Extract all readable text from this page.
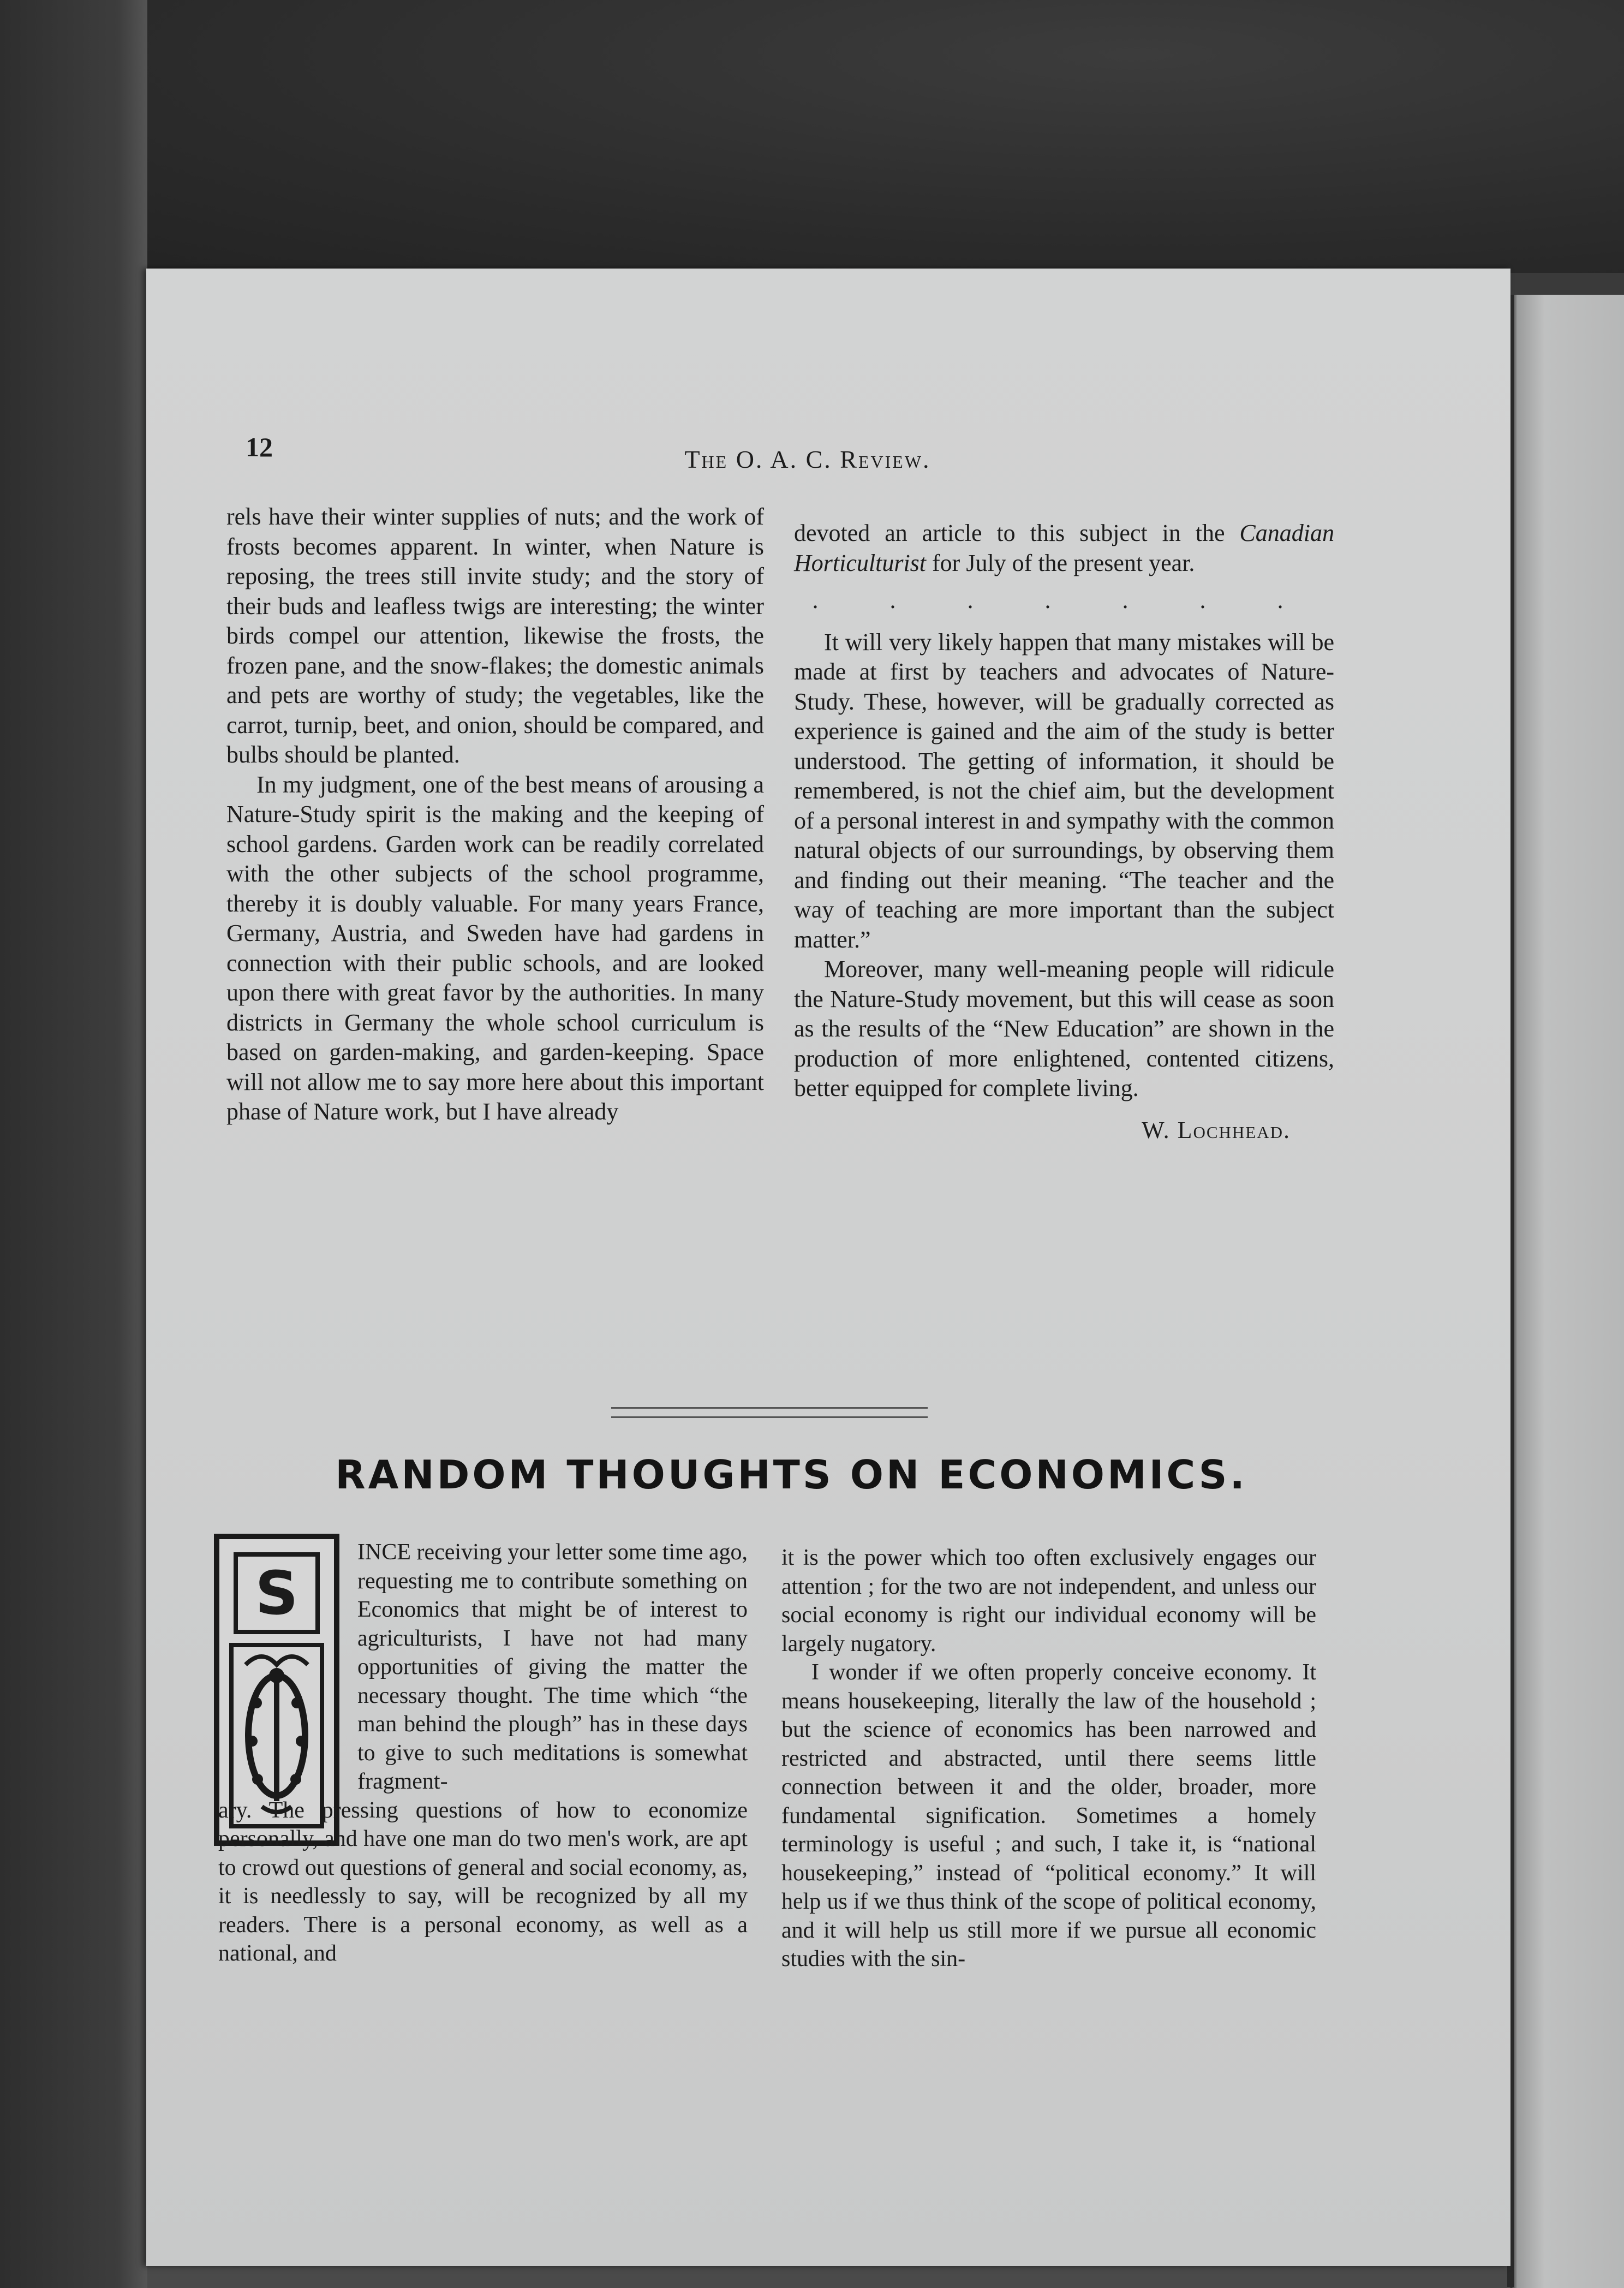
12	The O. A. C. Review.

rels have their winter supplies of nuts; and the work of frosts becomes apparent. In winter, when Nature is reposing, the trees still invite study; and the story of their buds and leafless twigs are interesting; the winter birds compel our attention, likewise the frosts, the frozen pane, and the snow-flakes; the domestic animals and pets are worthy of study; the vegetables, like the carrot, turnip, beet, and onion, should be compared, and bulbs should be planted.

In my judgment, one of the best means of arousing a Nature-Study spirit is the making and the keeping of school gardens. Garden work can be readily correlated with the other subjects of the school programme, thereby it is doubly valuable. For many years France, Germany, Austria, and Sweden have had gardens in connection with their public schools, and are looked upon there with great favor by the authorities. In many districts in Germany the whole school curriculum is based on garden-making, and garden-keeping. Space will not allow me to say more here about this important phase of Nature work, but I have already

devoted an article to this subject in the Canadian Horticulturist for July of the present year.

. . . . . . .

It will very likely happen that many mistakes will be made at first by teachers and advocates of Nature-Study. These, however, will be gradually corrected as experience is gained and the aim of the study is better understood. The getting of information, it should be remembered, is not the chief aim, but the development of a personal interest in and sympathy with the common natural objects of our surroundings, by observing them and finding out their meaning. “The teacher and the way of teaching are more important than the subject matter.”

Moreover, many well-meaning people will ridicule the Nature-Study movement, but this will cease as soon as the results of the “New Education” are shown in the production of more enlightened, contented citizens, better equipped for complete living.

W. Lochhead.
RANDOM THOUGHTS ON ECONOMICS.
S

INCE receiving your letter some time ago, requesting me to contribute something on Economics that might be of interest to agriculturists, I have not had many opportunities of giving the matter the necessary thought. The time which “the man behind the plough” has in these days to give to such meditations is somewhat fragment-

ary. The pressing questions of how to economize personally, and have one man do two men's work, are apt to crowd out questions of general and social economy, as, it is needlessly to say, will be recognized by all my readers. There is a personal economy, as well as a national, and

it is the power which too often exclusively engages our attention ; for the two are not independent, and unless our social economy is right our individual economy will be largely nugatory.

I wonder if we often properly conceive economy. It means housekeeping, literally the law of the household ; but the science of economics has been narrowed and restricted and abstracted, until there seems little connection between it and the older, broader, more fundamental signification. Sometimes a homely terminology is useful ; and such, I take it, is “national housekeeping,” instead of “political economy.” It will help us if we thus think of the scope of political economy, and it will help us still more if we pursue all economic studies with the sin-
